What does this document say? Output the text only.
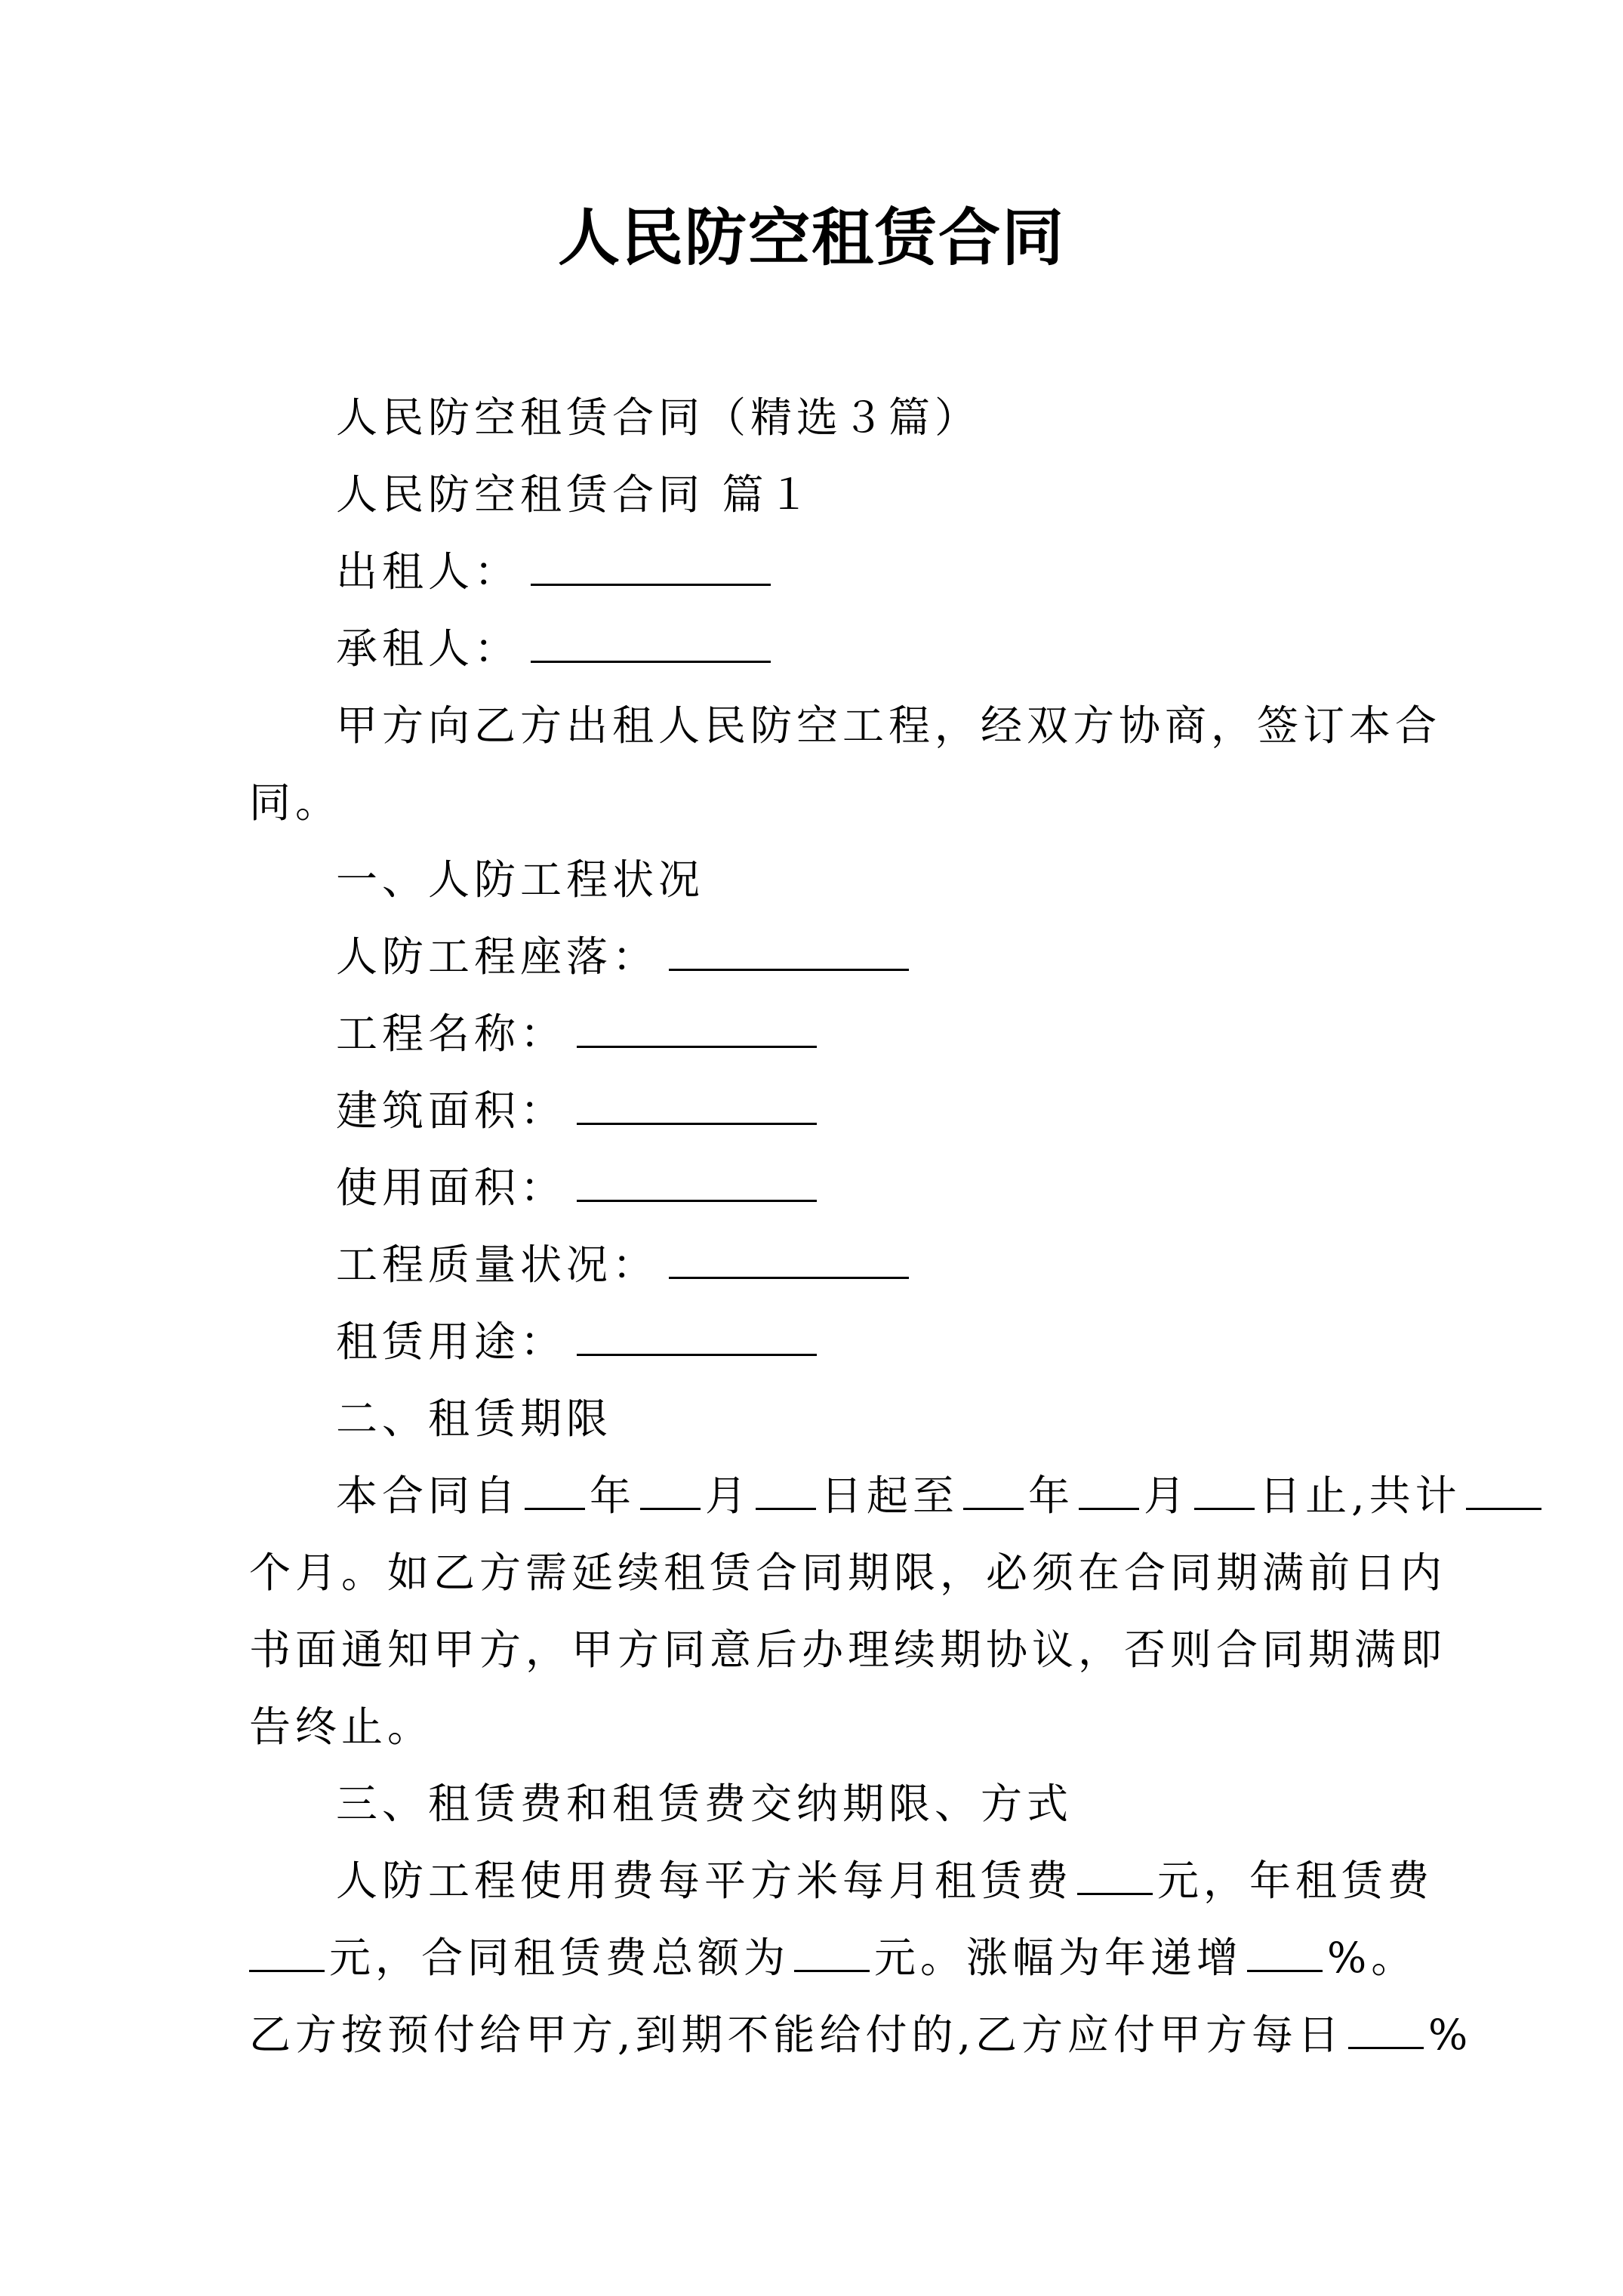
人民防空租赁合同
人民防空租赁合同（精选３篇）
人民防空租赁合同 篇１
出租人：
承租人：
甲方向乙方出租人民防空工程，经双方协商，签订本合
同。
一、人防工程状况
人防工程座落：
工程名称：
建筑面积：
使用面积：
工程质量状况：
租赁用途：
二、租赁期限
本合同自 年 月 日起至 年 月 日止,共计
个月。如乙方需延续租赁合同期限，必须在合同期满前日内
书面通知甲方，甲方同意后办理续期协议，否则合同期满即
告终止。
三、租赁费和租赁费交纳期限、方式
人防工程使用费每平方米每月租赁费 元，年租赁费
元，合同租赁费总额为 元。涨幅为年递增 %。
乙方按预付给甲方,到期不能给付的,乙方应付甲方每日 %
